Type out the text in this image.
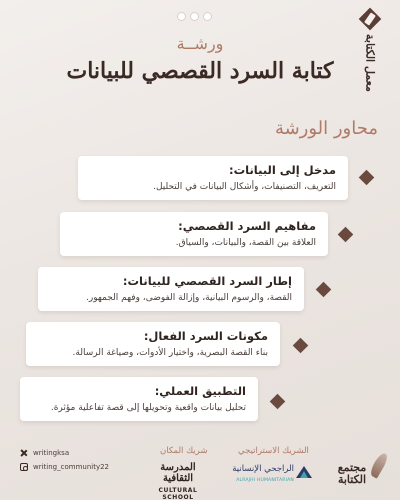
معمل الكتابة
ورشــة
كتابة السرد القصصي للبيانات
محاور الورشة
مدخل إلى البيانات:
التعريف، التصنيفات، وأشكال البيانات في التحليل.
مفاهيم السرد القصصي:
العلاقة بين القصة، والبيانات، والسياق.
إطار السرد القصصي للبيانات:
القصة، والرسوم البيانية، وإزالة الفوضى، وفهم الجمهور.
مكونات السرد الفعال:
بناء القصة البصرية، واختيار الأدوات، وصياغة الرسالة.
التطبيق العملي:
تحليل بيانات واقعية وتحويلها إلى قصة تفاعلية مؤثرة.
writingksa
writing_community22
شريك المكان
المدرسة الثقافية
CULTURAL SCHOOL
الشريك الاستراتيجي
الراجحي الإنسانية
ALRAJHI HUMANITARIAN
مجتمع الكتابة
